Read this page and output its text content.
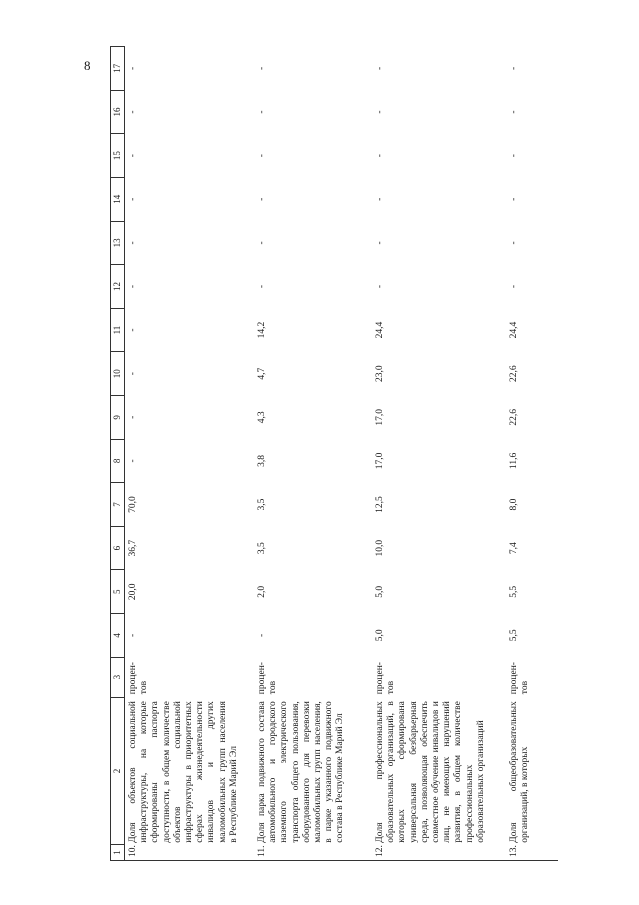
8
1	2	3	4	5	6	7	8	9	10	11	12	13	14	15	16	17
10.	Доля объектов социальной инфраструктуры, на которые сформированы паспорта доступности, в общем количестве объектов социальной инфраструктуры в приоритетных сферах жизнедеятельности инвалидов и других маломобильных групп населения в Республике Марий Эл	процен-тов	-	20,0	36,7	70,0	-	-	-	-	-	-	-	-	-	-
11.	Доля парка подвижного состава автомобильного и городского наземного электрического транспорта общего пользования, оборудованного для перевозки маломобильных групп населения, в парке указанного подвижного состава в Республике Марий Эл	процен-тов	-	2,0	3,5	3,5	3,8	4,3	4,7	14,2	-	-	-	-	-	-
12.	Доля профессиональных образовательных организаций, в которых сформирована универсальная безбарьерная среда, позволяющая обеспечить совместное обучение инвалидов и лиц, не имеющих нарушений развития, в общем количестве профессиональных образовательных организаций	процен-тов	5,0	5,0	10,0	12,5	17,0	17,0	23,0	24,4	-	-	-	-	-	-
13.	Доля общеобразовательных организаций, в которых	процен-тов	5,5	5,5	7,4	8,0	11,6	22,6	22,6	24,4	-	-	-	-	-	-
